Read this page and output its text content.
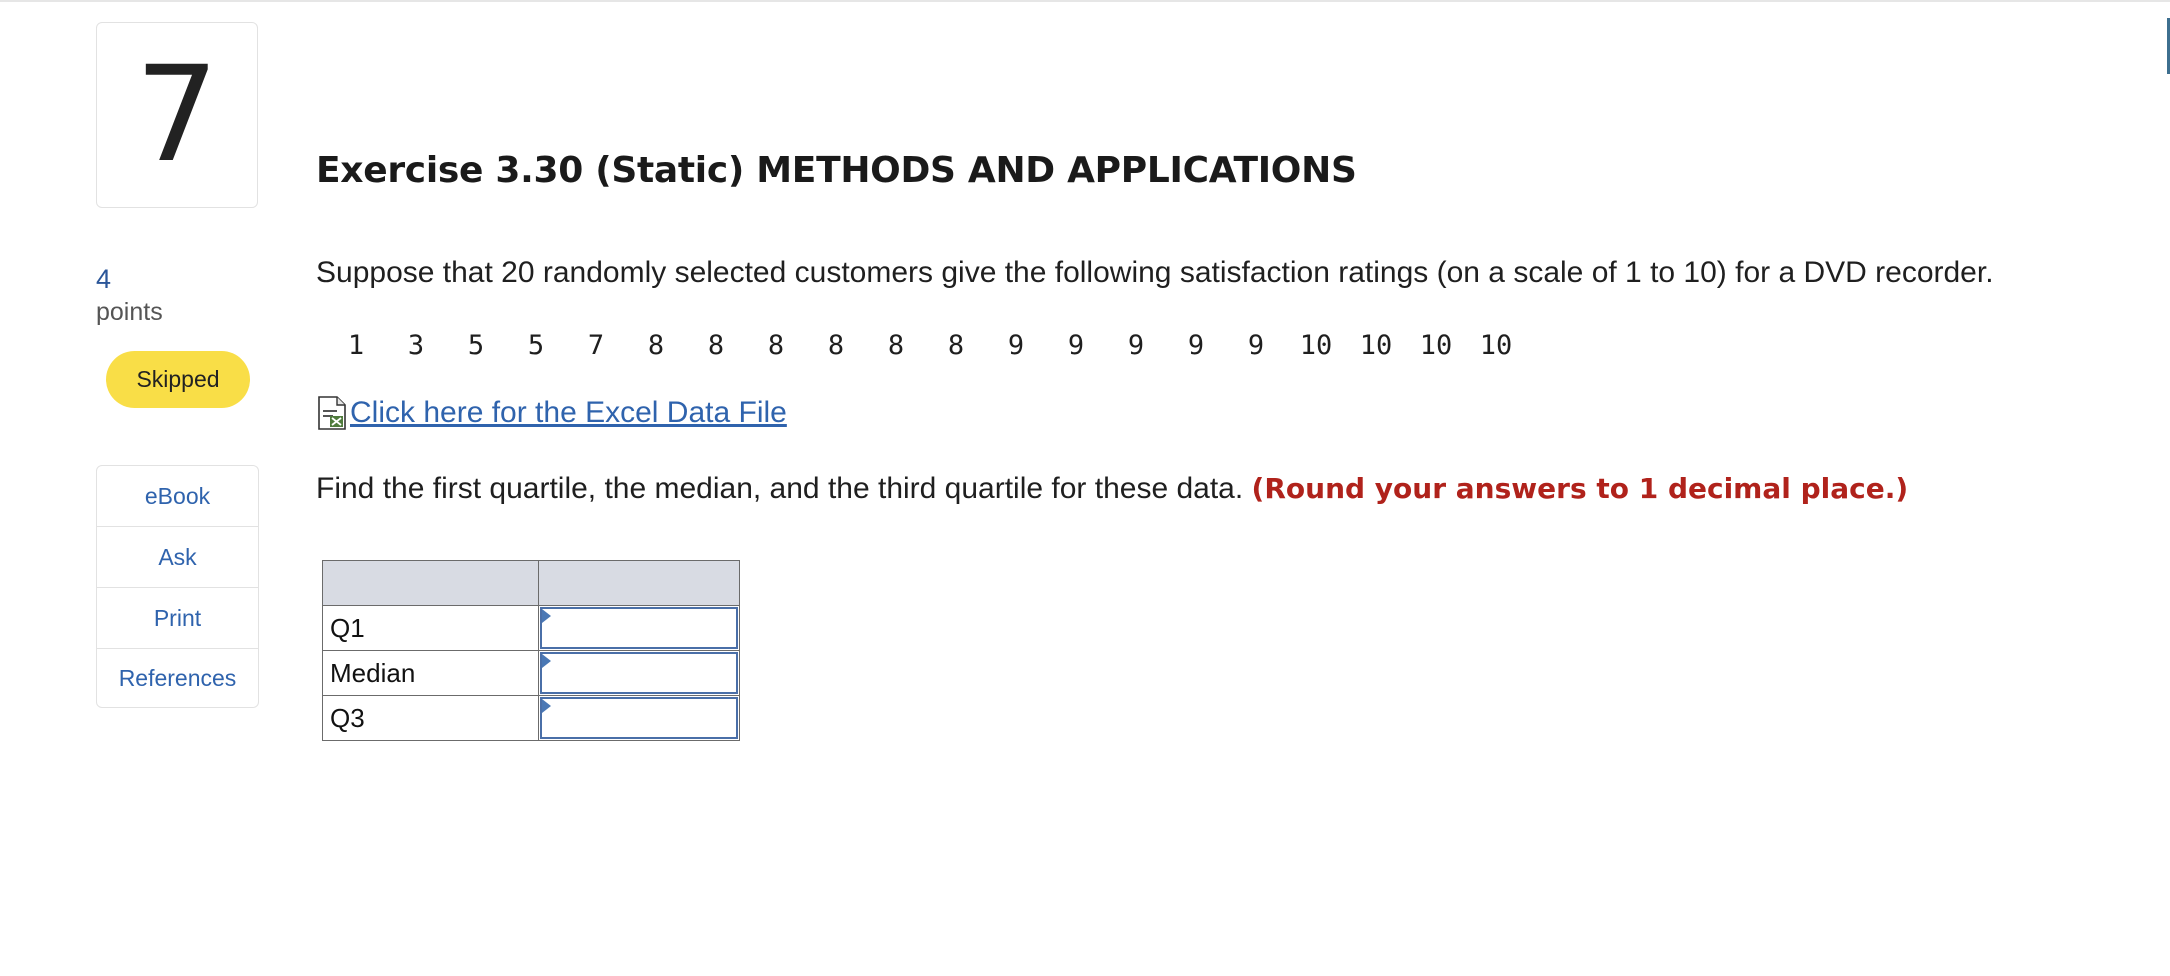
7
4
points
Skipped
eBook
Ask
Print
References
Exercise 3.30 (Static) METHODS AND APPLICATIONS
Suppose that 20 randomly selected customers give the following satisfaction ratings (on a scale of 1 to 10) for a DVD recorder.
1	3	5	5	7	8	8	8	8	8	8	9	9	9	9	9	10	10	10	10
Click here for the Excel Data File
Find the first quartile, the median, and the third quartile for these data. (Round your answers to 1 decimal place.)

Q1	

Median	

Q3	
